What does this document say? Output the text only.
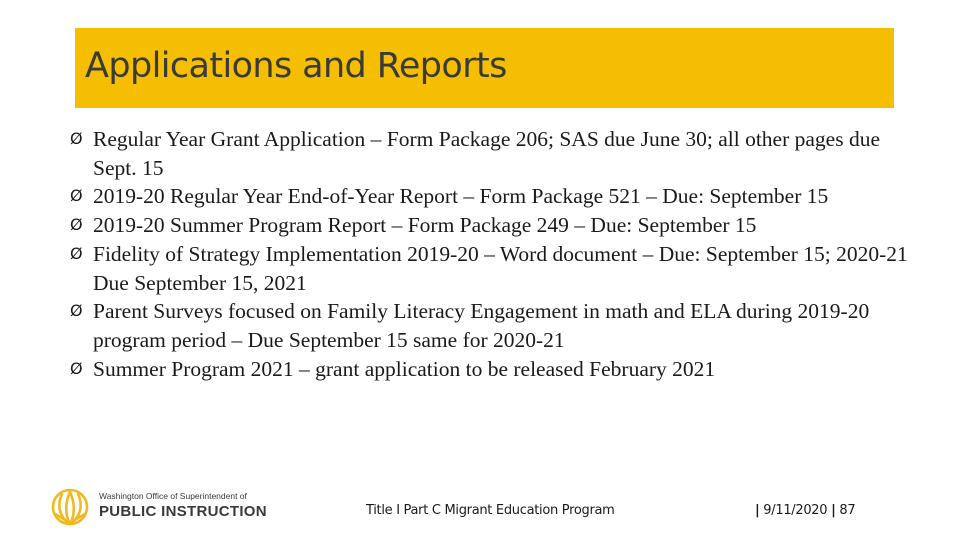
Applications and Reports
Ø Regular Year Grant Application – Form Package 206; SAS due June 30; all other pages due Sept. 15
Ø 2019-20 Regular Year End-of-Year Report – Form Package 521 – Due: September 15
Ø 2019-20 Summer Program Report – Form Package 249 – Due: September 15
Ø Fidelity of Strategy Implementation 2019-20 – Word document – Due: September 15; 2020-21 Due September 15, 2021
Ø Parent Surveys focused on Family Literacy Engagement in math and ELA during 2019-20 program period – Due September 15 same for 2020-21
Ø Summer Program 2021 – grant application to be released February 2021
Washington Office of Superintendent of
PUBLIC INSTRUCTION	Title I Part C Migrant Education Program	| 9/11/2020 | 87
